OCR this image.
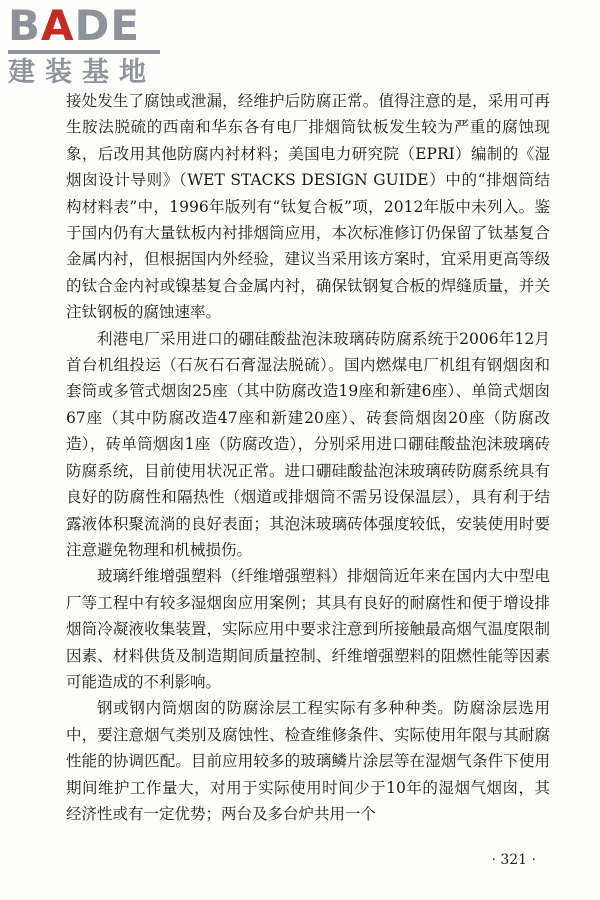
BADE
建装基地

接处发生了腐蚀或泄漏，经维护后防腐正常。值得注意的是，采用可再生胺法脱硫的西南和华东各有电厂排烟筒钛板发生较为严重的腐蚀现象，后改用其他防腐内衬材料；美国电力研究院（EPRI）编制的《湿烟囱设计导则》（WET STACKS DESIGN GUIDE）中的“排烟筒结构材料表”中，1996年版列有“钛复合板”项，2012年版中未列入。鉴于国内仍有大量钛板内衬排烟筒应用，本次标准修订仍保留了钛基复合金属内衬，但根据国内外经验，建议当采用该方案时，宜采用更高等级的钛合金内衬或镍基复合金属内衬，确保钛钢复合板的焊缝质量，并关注钛钢板的腐蚀速率。

利港电厂采用进口的硼硅酸盐泡沫玻璃砖防腐系统于2006年12月首台机组投运（石灰石石膏湿法脱硫）。国内燃煤电厂机组有钢烟囱和套筒或多管式烟囱25座（其中防腐改造19座和新建6座）、单筒式烟囱67座（其中防腐改造47座和新建20座）、砖套筒烟囱20座（防腐改造），砖单筒烟囱1座（防腐改造），分别采用进口硼硅酸盐泡沫玻璃砖防腐系统，目前使用状况正常。进口硼硅酸盐泡沫玻璃砖防腐系统具有良好的防腐性和隔热性（烟道或排烟筒不需另设保温层），具有利于结露液体积聚流淌的良好表面；其泡沫玻璃砖体强度较低，安装使用时要注意避免物理和机械损伤。

玻璃纤维增强塑料（纤维增强塑料）排烟筒近年来在国内大中型电厂等工程中有较多湿烟囱应用案例；其具有良好的耐腐性和便于增设排烟筒冷凝液收集装置，实际应用中要求注意到所接触最高烟气温度限制因素、材料供货及制造期间质量控制、纤维增强塑料的阻燃性能等因素可能造成的不利影响。

钢或钢内筒烟囱的防腐涂层工程实际有多种种类。防腐涂层选用中，要注意烟气类别及腐蚀性、检查维修条件、实际使用年限与其耐腐性能的协调匹配。目前应用较多的玻璃鳞片涂层等在湿烟气条件下使用期间维护工作量大，对用于实际使用时间少于10年的湿烟气烟囱，其经济性或有一定优势；两台及多台炉共用一个

· 321 ·
